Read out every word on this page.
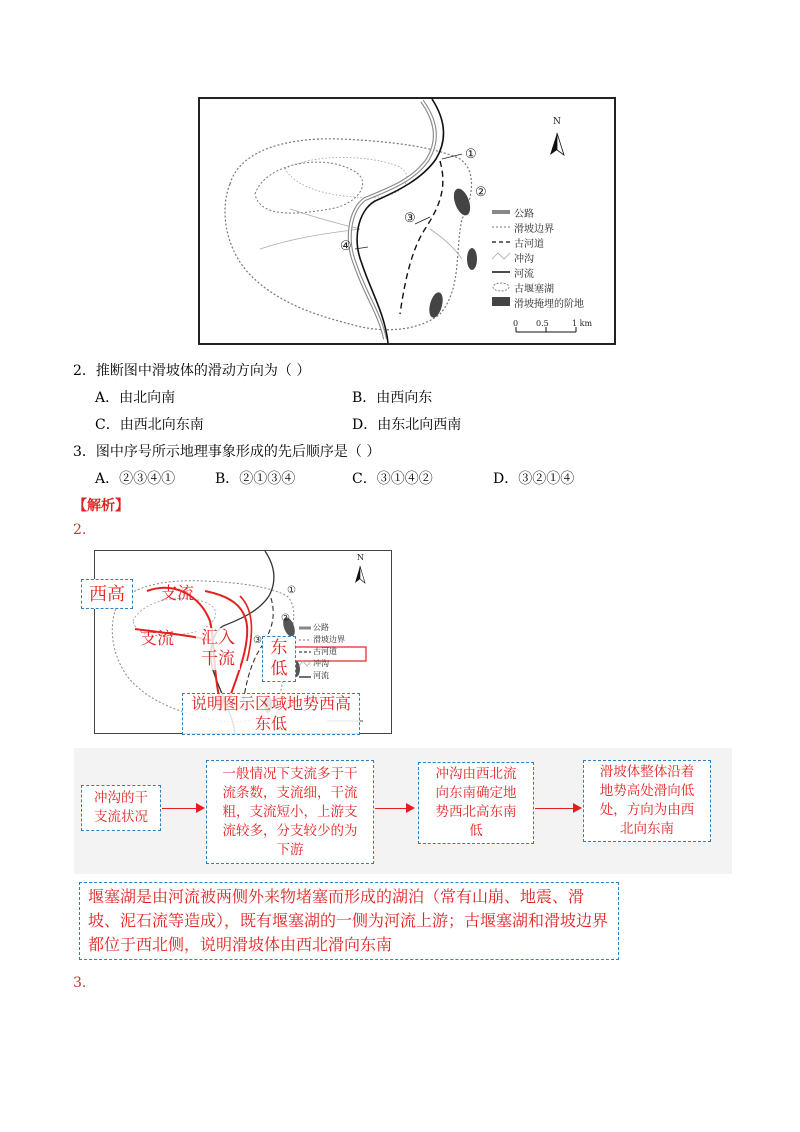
N
①
②
③
④
公路
滑坡边界
古河道
冲沟
河流
古堰塞湖
滑坡掩埋的阶地
0 0.5	1 km
2．推断图中滑坡体的滑动方向为（ ）
A．由北向南	B．由西向东
C．由西北向东南	D．由东北向西南
3．图中序号所示地理事象形成的先后顺序是（ ）
A．②③④①	B．②①③④	C．③①④②	D．③②①④
【解析】
2.
公路
滑坡边界
古河道
冲沟
河流
①
②
③
N
西高	支流
支流 汇入干流
东低
说明图示区域地势西高东低
冲沟的干支流状况
一般情况下支流多于干流条数，支流细，干流粗，支流短小，上游支流较多，分支较少的为下游
冲沟由西北流向东南确定地势西北高东南低
滑坡体整体沿着地势高处滑向低处，方向为由西北向东南
堰塞湖是由河流被两侧外来物堵塞而形成的湖泊（常有山崩、地震、滑坡、泥石流等造成），既有堰塞湖的一侧为河流上游；古堰塞湖和滑坡边界都位于西北侧，说明滑坡体由西北滑向东南
3.
